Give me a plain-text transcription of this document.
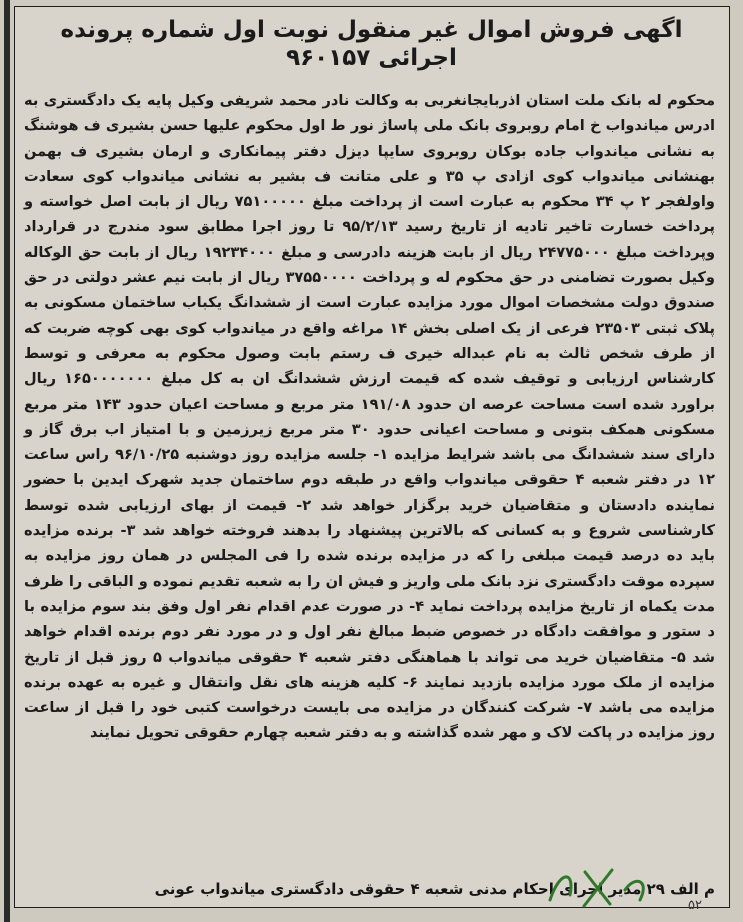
اگهی فروش اموال غیر منقول نوبت اول شماره پرونده اجرائی ۹۶۰۱۵۷
محکوم له بانک ملت استان اذربایجانغربی به وکالت نادر محمد شریفی وکیل پایه یک دادگستری به ادرس میاندواب خ امام روبروی بانک ملی پاساژ نور ط اول محکوم علیها حسن بشیری ف هوشنگ به نشانی میاندواب جاده بوکان روبروی سایپا دیزل دفتر پیمانکاری و ارمان بشیری ف بهمن بهنشانی میاندواب کوی ازادی پ ۳۵ و علی متانت ف بشیر به نشانی میاندواب کوی سعادت واولفجر ۲ پ ۳۴ محکوم به عبارت است از پرداخت مبلغ ۷۵۱۰۰۰۰۰ ریال از بابت اصل خواسته و پرداخت خسارت تاخیر تادیه از تاریخ رسید ۹۵/۲/۱۳ تا روز اجرا مطابق سود مندرج در قرارداد وپرداخت مبلغ ۲۴۷۷۵۰۰۰ ریال از بابت هزینه دادرسی و مبلغ ۱۹۲۳۴۰۰۰ ریال از بابت حق الوکاله وکیل بصورت تضامنی در حق محکوم له و پرداخت ۳۷۵۵۰۰۰۰ ریال از بابت نیم عشر دولتی در حق صندوق دولت مشخصات اموال مورد مزایده عبارت است از ششدانگ یکباب ساختمان مسکونی به پلاک ثبتی ۲۳۵۰۳ فرعی از یک اصلی بخش ۱۴ مراغه واقع در میاندواب کوی بهی کوچه ضربت که از طرف شخص ثالث به نام عبداله خیری ف رستم بابت وصول محکوم به معرفی و توسط کارشناس ارزیابی و توقیف شده که قیمت ارزش ششدانگ ان به کل مبلغ ۱۶۵۰۰۰۰۰۰۰ ریال براورد شده است مساحت عرصه ان حدود ۱۹۱/۰۸ متر مربع و مساحت اعیان حدود ۱۴۳ متر مربع مسکونی همکف بتونی و مساحت اعیانی حدود ۳۰ متر مربع زیرزمین و با امتیاز اب برق گاز و دارای سند ششدانگ می باشد شرایط مزایده ۱- جلسه مزایده روز دوشنبه ۹۶/۱۰/۲۵ راس ساعت ۱۲ در دفتر شعبه ۴ حقوقی میاندواب واقع در طبقه دوم ساختمان جدید شهرک ایدین با حضور نماینده دادستان و متقاضیان خرید برگزار خواهد شد ۲- قیمت از بهای ارزیابی شده توسط کارشناسی شروع و به کسانی که بالاترین پیشنهاد را بدهند فروخته خواهد شد ۳- برنده مزایده باید ده درصد قیمت مبلغی را که در مزایده برنده شده را فی المجلس در همان روز مزایده به سپرده موقت دادگستری نزد بانک ملی واریز و فیش ان را به شعبه تقدیم نموده و الباقی را ظرف مدت یکماه از تاریخ مزایده پرداخت نماید ۴- در صورت عدم اقدام نفر اول وفق بند سوم مزایده با د ستور و موافقت دادگاه در خصوص ضبط مبالغ نفر اول و در مورد نفر دوم برنده اقدام خواهد شد ۵- متقاضیان خرید می تواند با هماهنگی دفتر شعبه ۴ حقوقی میاندواب ۵ روز قبل از تاریخ مزایده از ملک مورد مزایده بازدید نمایند ۶- کلیه هزینه های نقل وانتقال و غیره به عهده برنده مزایده می باشد ۷- شرکت کنندگان در مزایده می بایست درخواست کتبی خود را قبل از ساعت روز مزایده در پاکت لاک و مهر شده گذاشته و به دفتر شعبه چهارم حقوقی تحویل نمایند
م الف ۲۹ مدیر اجرای احکام مدنی شعبه ۴ حقوقی دادگستری میاندواب عونی
۵۲
